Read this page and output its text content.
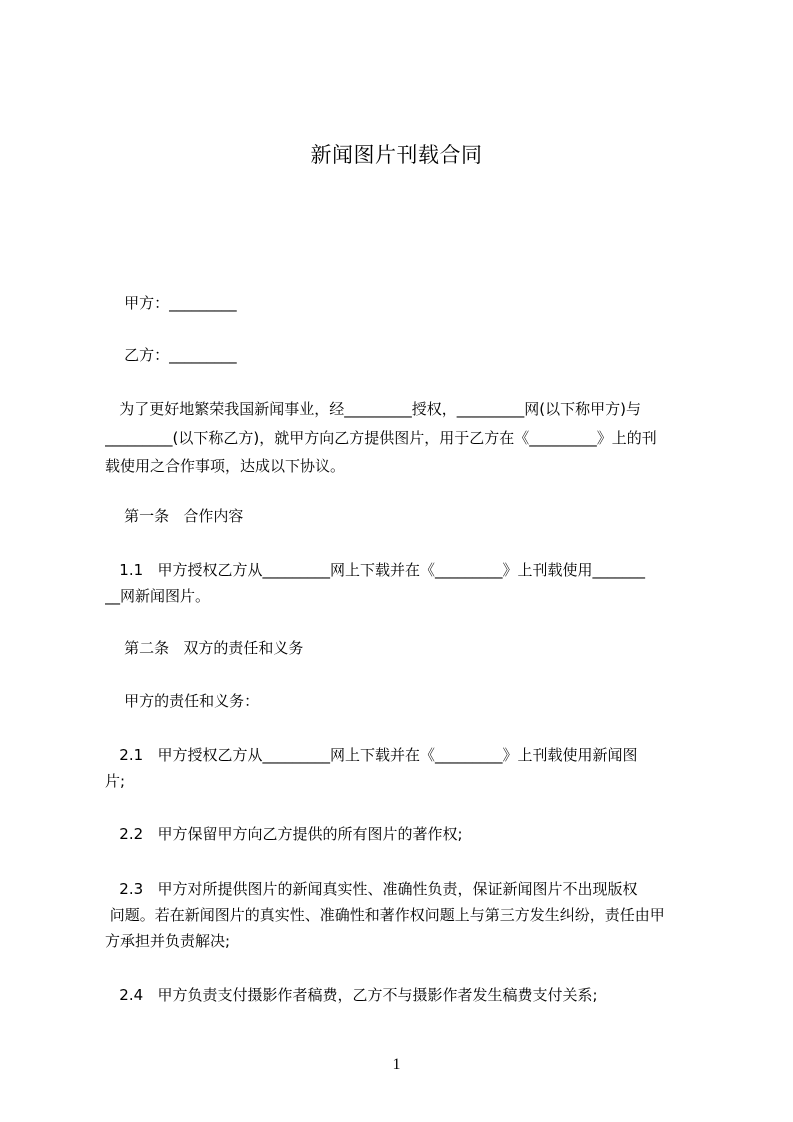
新闻图片刊载合同
甲方：_________
乙方：_________
为了更好地繁荣我国新闻事业，经_________授权，_________网(以下称甲方)与
_________(以下称乙方)，就甲方向乙方提供图片，用于乙方在《_________》上的刊
载使用之合作事项，达成以下协议。
第一条   合作内容
1.1   甲方授权乙方从_________网上下载并在《_________》上刊载使用_______
__网新闻图片。
第二条   双方的责任和义务
甲方的责任和义务：
2.1   甲方授权乙方从_________网上下载并在《_________》上刊载使用新闻图
片;
2.2   甲方保留甲方向乙方提供的所有图片的著作权;
2.3   甲方对所提供图片的新闻真实性、准确性负责，保证新闻图片不出现版权
问题。若在新闻图片的真实性、准确性和著作权问题上与第三方发生纠纷，责任由甲
方承担并负责解决;
2.4   甲方负责支付摄影作者稿费，乙方不与摄影作者发生稿费支付关系;
1
